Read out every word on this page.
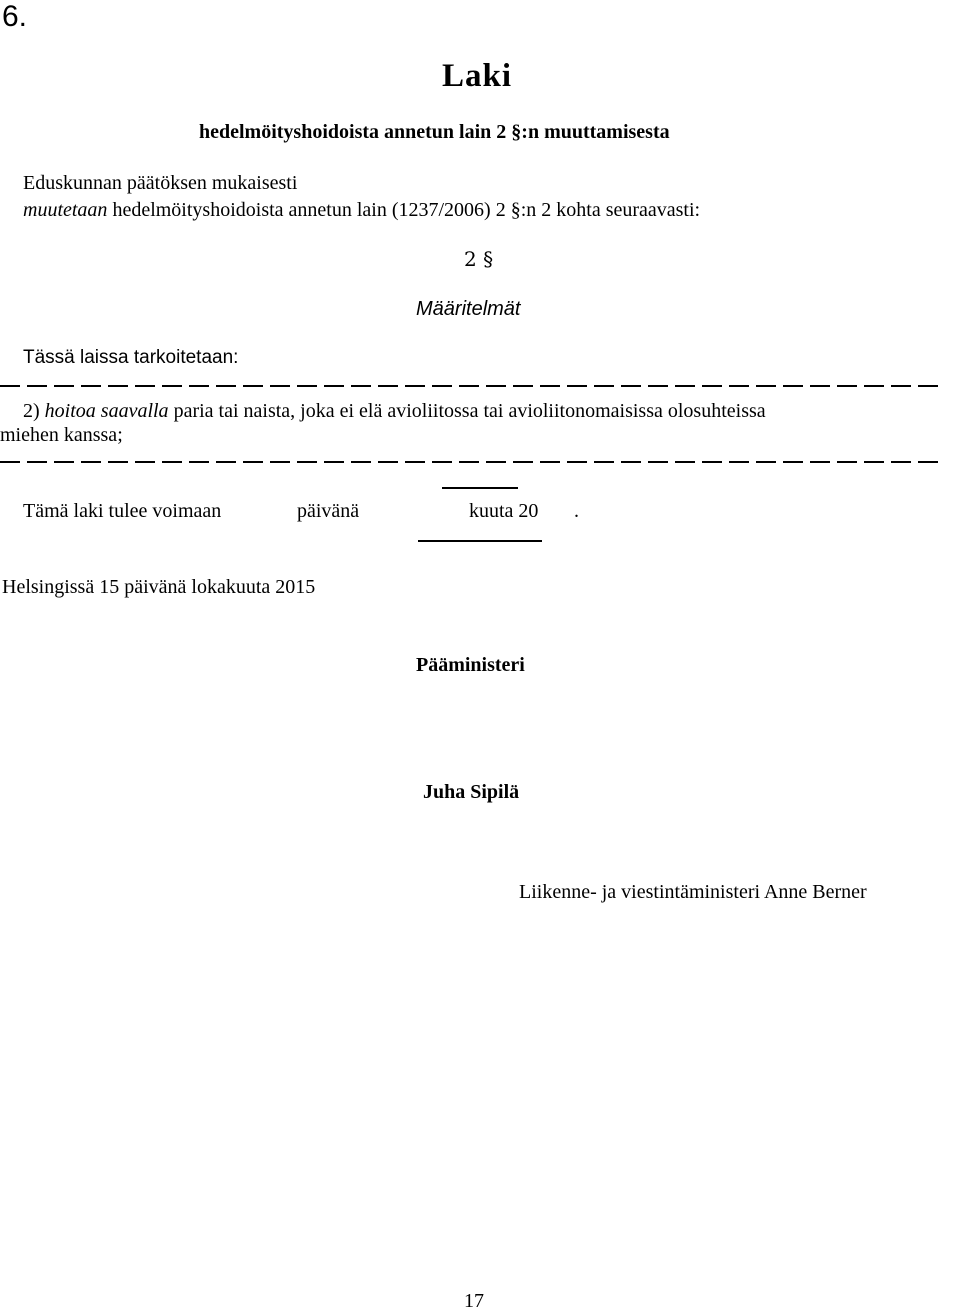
6.
Laki
hedelmöityshoidoista annetun lain 2 §:n muuttamisesta
Eduskunnan päätöksen mukaisesti
muutetaan hedelmöityshoidoista annetun lain (1237/2006) 2 §:n 2 kohta seuraavasti:
2 §
Määritelmät
Tässä laissa tarkoitetaan:
2) hoitoa saavalla paria tai naista, joka ei elä avioliitossa tai avioliitonomaisissa olosuhteissa
miehen kanssa;
Tämä laki tulee voimaan	päivänä	kuuta 20 .
Helsingissä 15 päivänä lokakuuta 2015
Pääministeri
Juha Sipilä
Liikenne- ja viestintäministeri Anne Berner
17
